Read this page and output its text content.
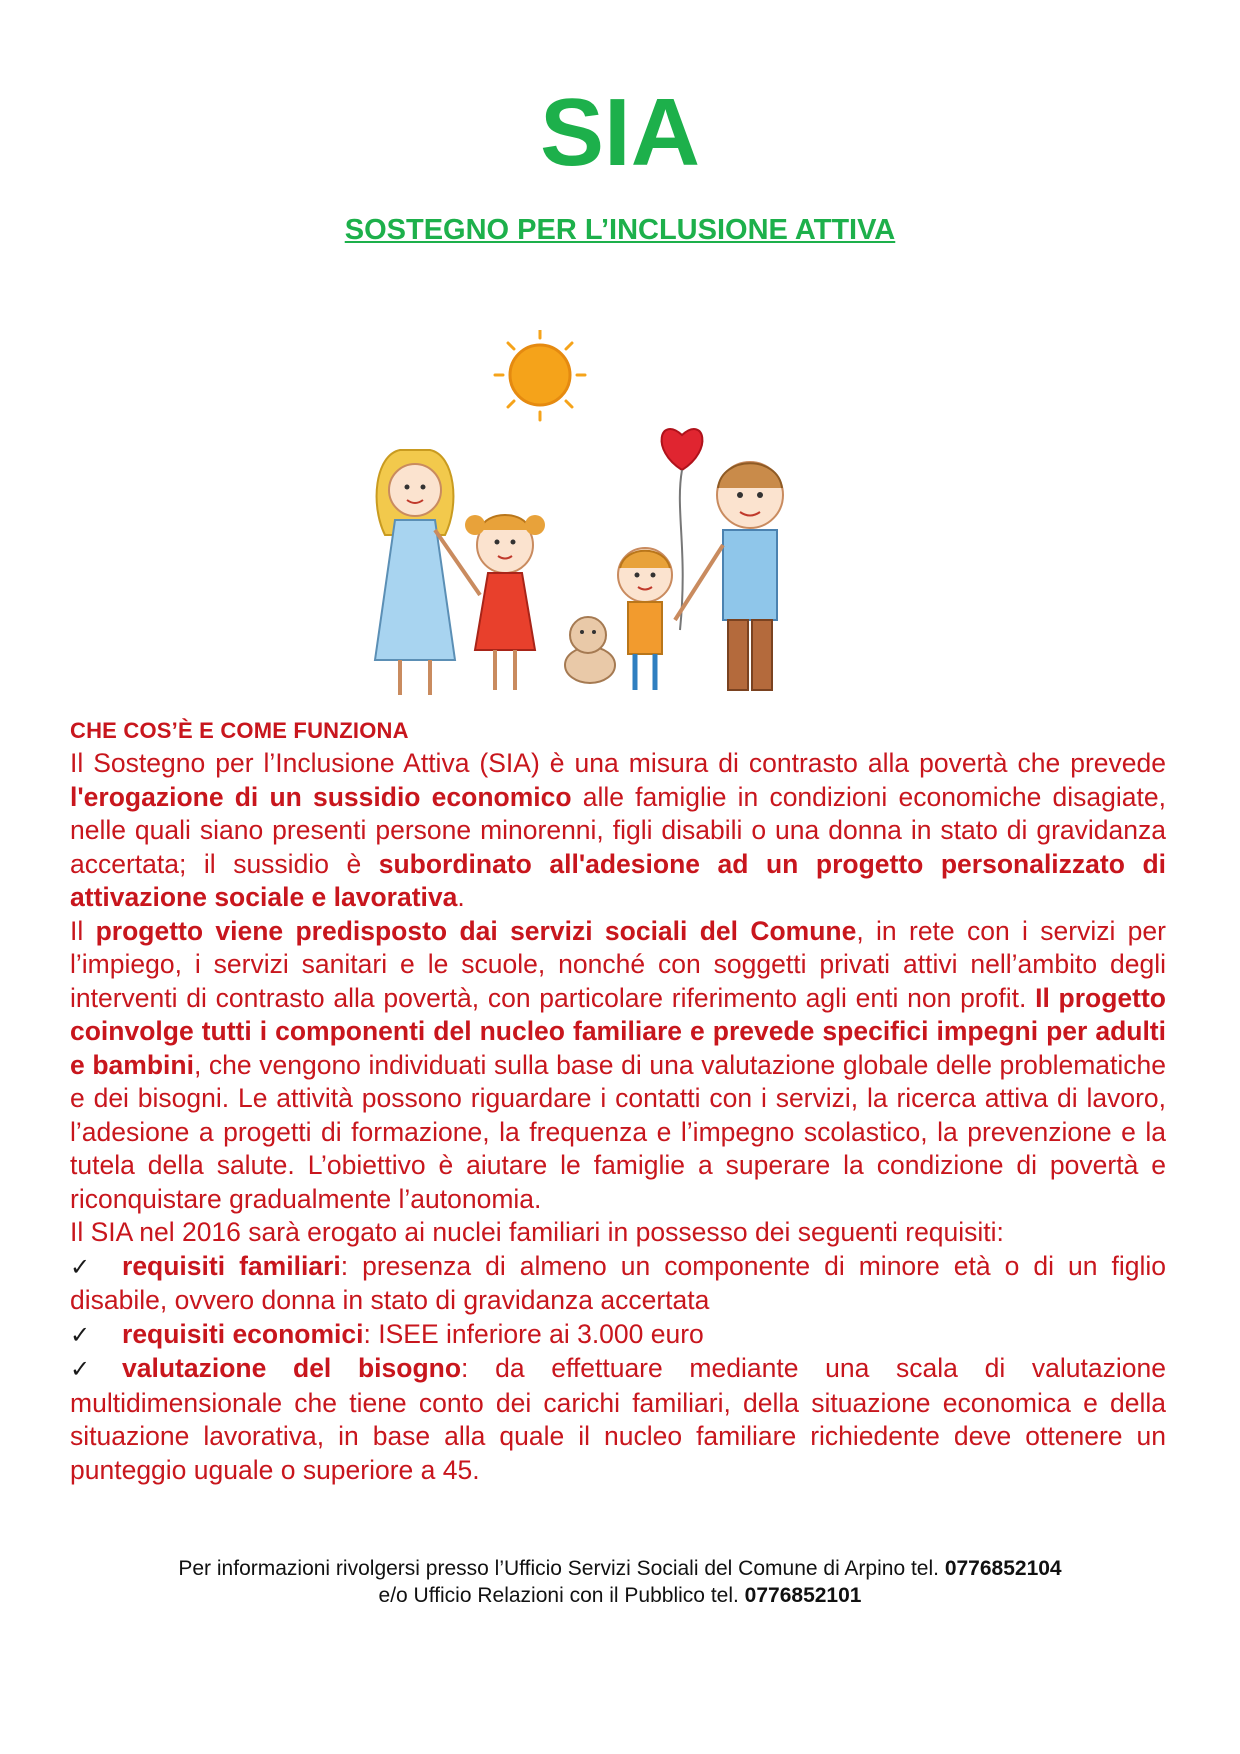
SIA
SOSTEGNO PER L’INCLUSIONE ATTIVA
CHE COS’È E COME FUNZIONA

Il Sostegno per l’Inclusione Attiva (SIA) è una misura di contrasto alla povertà che prevede l'erogazione di un sussidio economico alle famiglie in condizioni economiche disagiate, nelle quali siano presenti persone minorenni, figli disabili o una donna in stato di gravidanza accertata; il sussidio è subordinato all'adesione ad un progetto personalizzato di attivazione sociale e lavorativa.

Il progetto viene predisposto dai servizi sociali del Comune, in rete con i servizi per l’impiego, i servizi sanitari e le scuole, nonché con soggetti privati attivi nell’ambito degli interventi di contrasto alla povertà, con particolare riferimento agli enti non profit. Il progetto coinvolge tutti i componenti del nucleo familiare e prevede specifici impegni per adulti e bambini, che vengono individuati sulla base di una valutazione globale delle problematiche e dei bisogni. Le attività possono riguardare i contatti con i servizi, la ricerca attiva di lavoro, l’adesione a progetti di formazione, la frequenza e l’impegno scolastico, la prevenzione e la tutela della salute. L’obiettivo è aiutare le famiglie a superare la condizione di povertà e riconquistare gradualmente l’autonomia.

Il SIA nel 2016 sarà erogato ai nuclei familiari in possesso dei seguenti requisiti:

✓ requisiti familiari: presenza di almeno un componente di minore età o di un figlio disabile, ovvero donna in stato di gravidanza accertata

✓ requisiti economici: ISEE inferiore ai 3.000 euro

✓ valutazione del bisogno: da effettuare mediante una scala di valutazione multidimensionale che tiene conto dei carichi familiari, della situazione economica e della situazione lavorativa, in base alla quale il nucleo familiare richiedente deve ottenere un punteggio uguale o superiore a 45.

Per informazioni rivolgersi presso l’Ufficio Servizi Sociali del Comune di Arpino tel. 0776852104

e/o Ufficio Relazioni con il Pubblico tel. 0776852101
